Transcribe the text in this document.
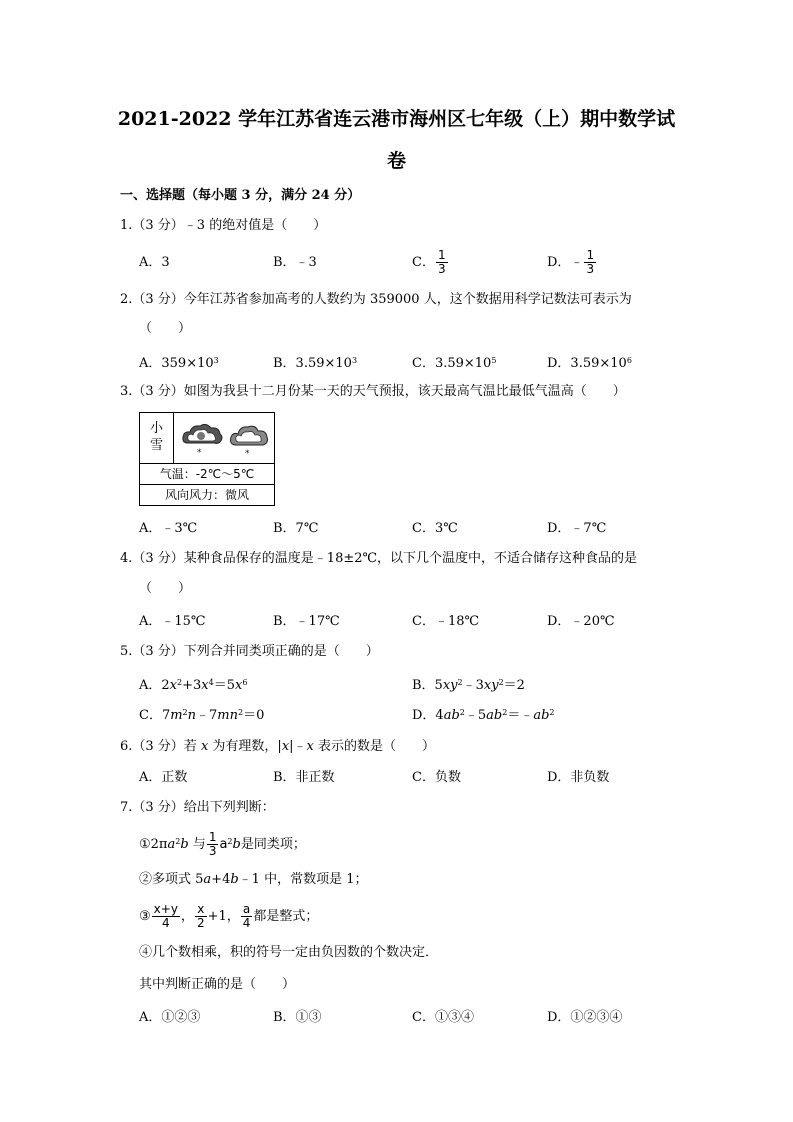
2021-2022 学年江苏省连云港市海州区七年级（上）期中数学试
卷
一、选择题（每小题 3 分，满分 24 分）
1.（3 分）﹣3 的绝对值是（　　）
A．3	B．﹣3	C． $\frac{1}{3}$	D．﹣ $\frac{1}{3}$
2.（3 分）今年江苏省参加高考的人数约为 359000 人，这个数据用科学记数法可表示为
（　　）
A．$359\times 10^3$	B．$3.59\times 10^3$	C．$3.59\times 10^5$	D．$3.59\times 10^6$
3.（3 分）如图为我县十二月份某一天的天气预报，该天最高气温比最低气温高（　　）
小
雪	*	*
气温：-2℃～5℃
风向风力：微风
A．﹣3℃	B．7℃	C．3℃	D．﹣7℃
4.（3 分）某种食品保存的温度是﹣18±2℃，以下几个温度中，不适合储存这种食品的是
（　　）
A．﹣15℃	B．﹣17℃	C．﹣18℃	D．﹣20℃
5.（3 分）下列合并同类项正确的是（　　）
A．$2x^2+3x^4=5x^6$	B．$5xy^2﹣3xy^2=2$
C．$7m^2n﹣7mn^2=0$	D．$4ab^2﹣5ab^2=﹣ab^2$
6.（3 分）若 x 为有理数，|x|﹣x 表示的数是（　　）
A．正数	B．非正数	C．负数	D．非负数
7.（3 分）给出下列判断：
$①2\pi a^2b$ 与 $\frac{1}{3} a^2b$是同类项；
②多项式 5a+4b﹣1 中，常数项是 1；
③ $\frac{x+y}{4}$ ， $\frac{x}{2} +1$， $\frac{a}{4}$ 都是整式；
④几个数相乘，积的符号一定由负因数的个数决定．
其中判断正确的是（　　）
A．①②③	B．①③	C．①③④	D．①②③④
